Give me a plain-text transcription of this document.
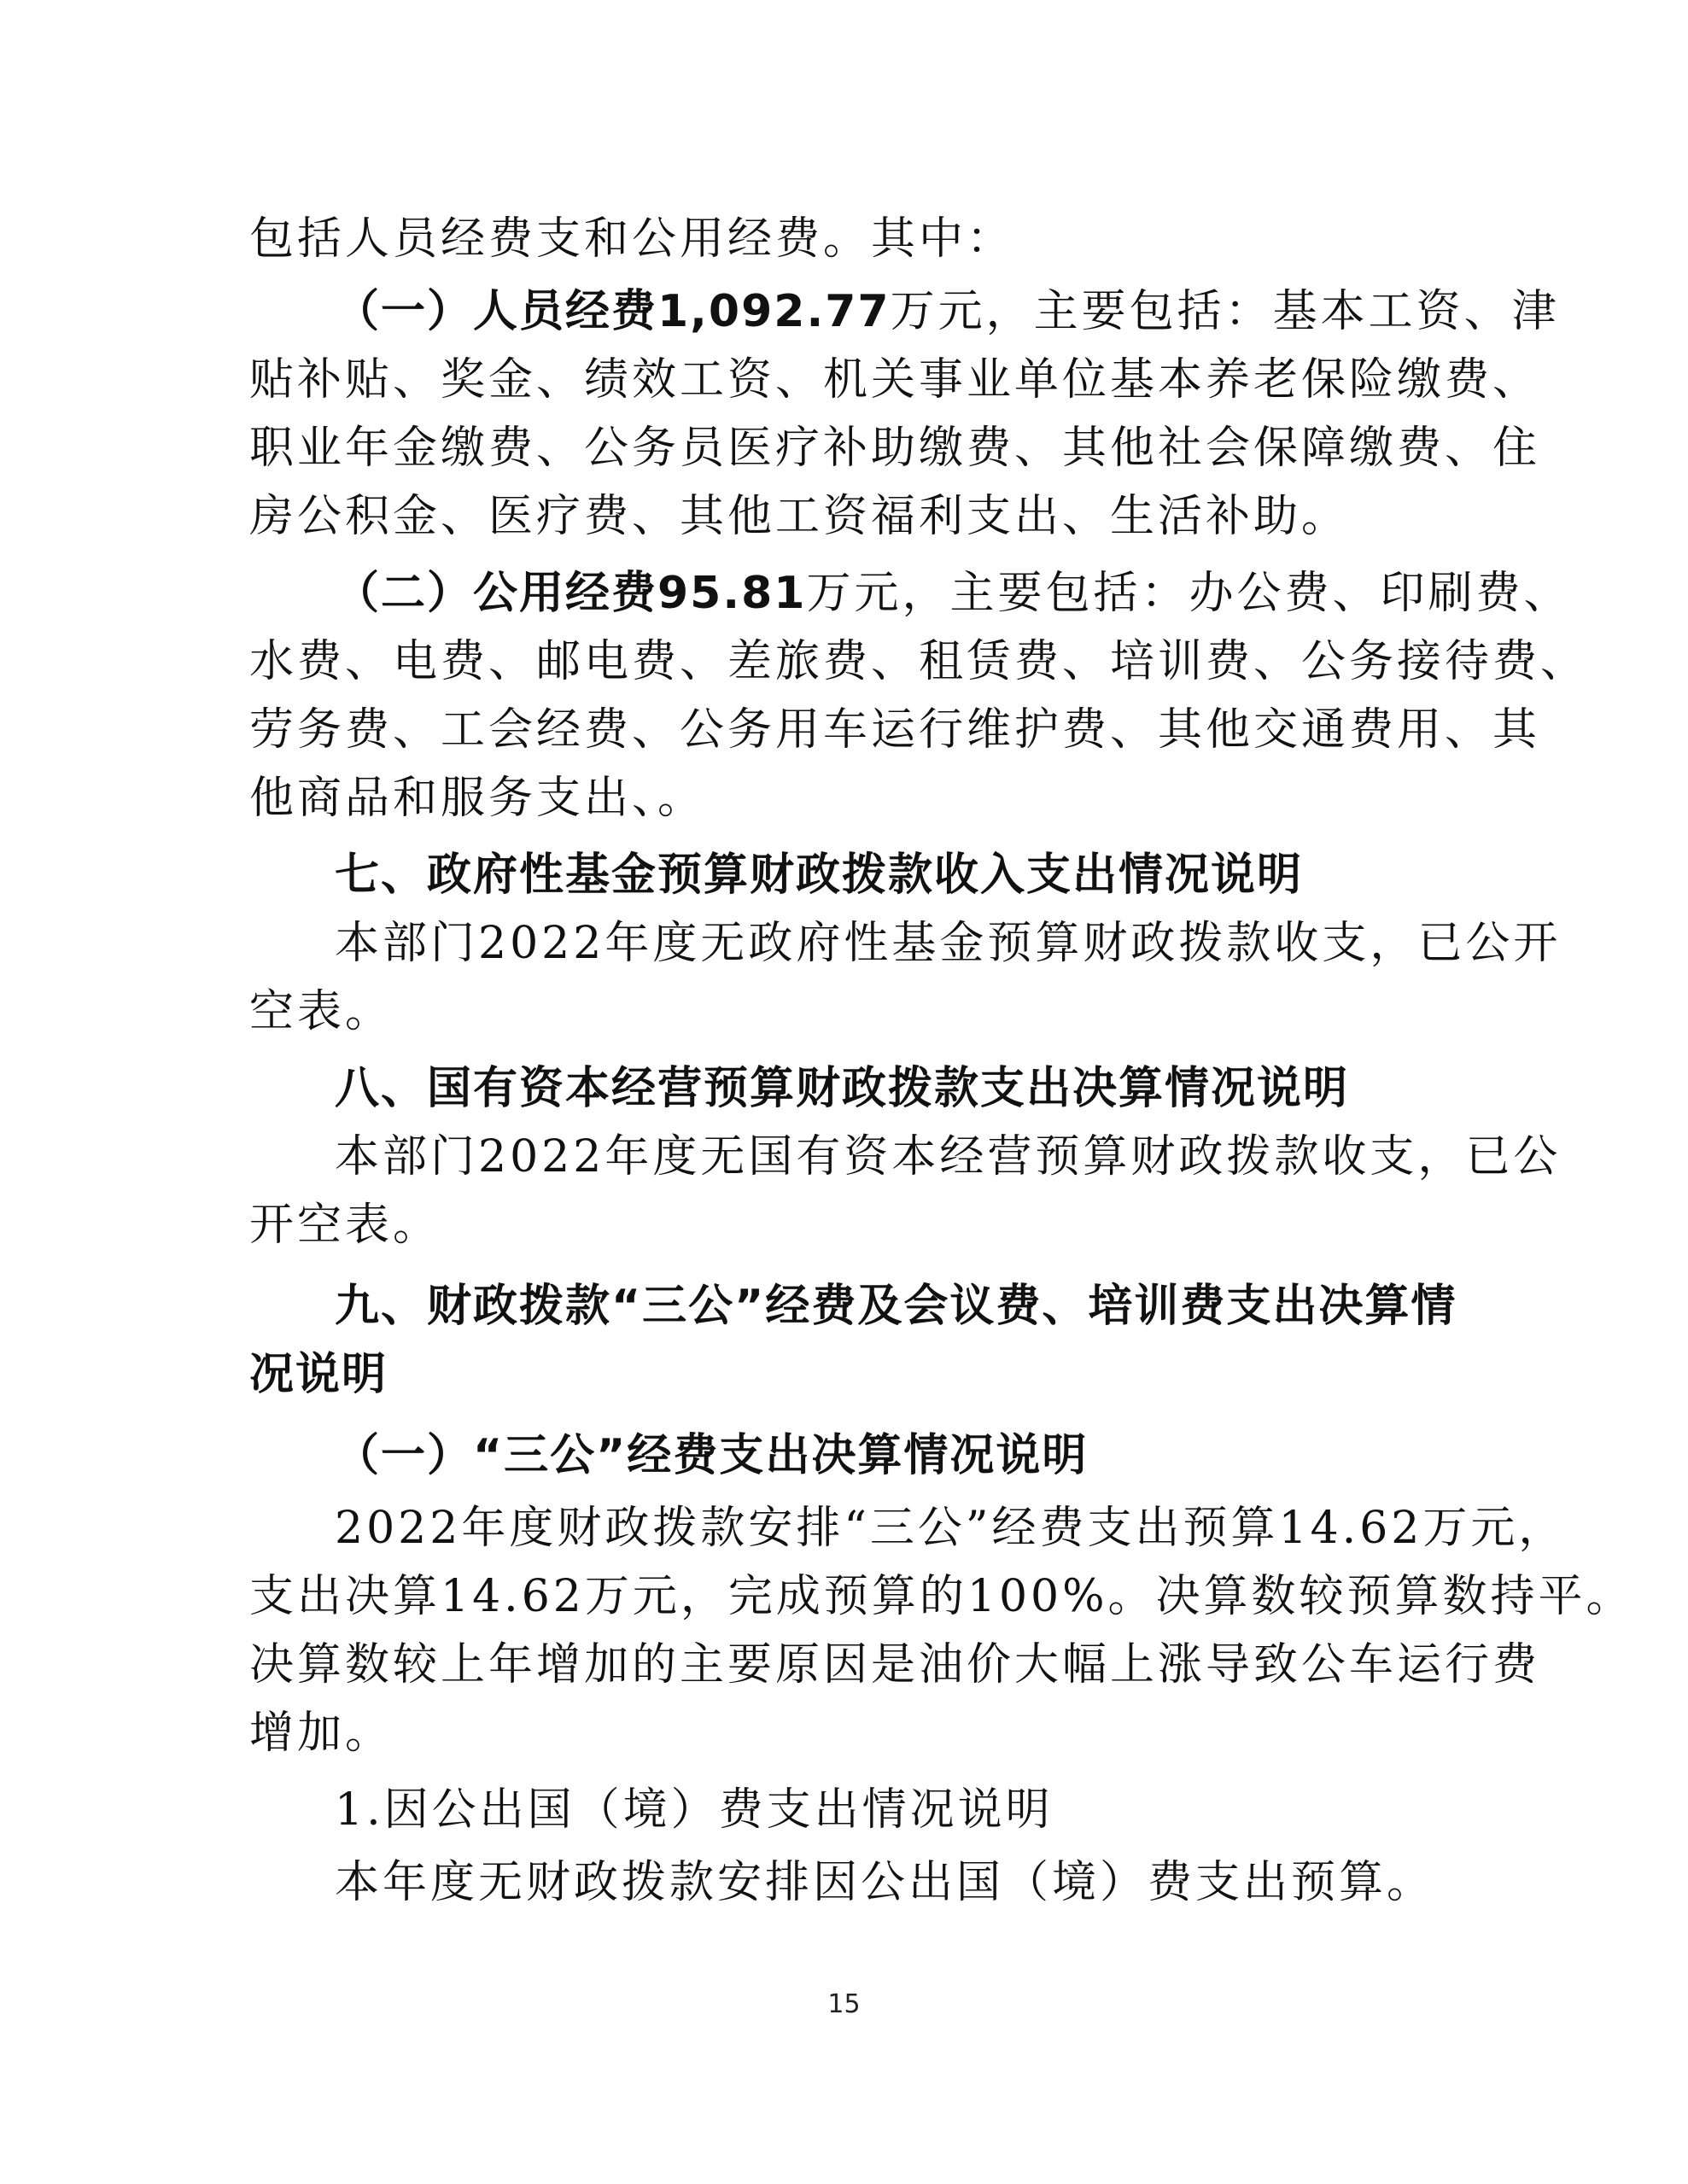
包括人员经费支和公用经费。其中：
（一）人员经费1,092.77万元，主要包括：基本工资、津
贴补贴、奖金、绩效工资、机关事业单位基本养老保险缴费、
职业年金缴费、公务员医疗补助缴费、其他社会保障缴费、住
房公积金、医疗费、其他工资福利支出、生活补助。
（二）公用经费95.81万元，主要包括：办公费、印刷费、
水费、电费、邮电费、差旅费、租赁费、培训费、公务接待费、
劳务费、工会经费、公务用车运行维护费、其他交通费用、其
他商品和服务支出、。
七、政府性基金预算财政拨款收入支出情况说明
本部门2022年度无政府性基金预算财政拨款收支，已公开
空表。
八、国有资本经营预算财政拨款支出决算情况说明
本部门2022年度无国有资本经营预算财政拨款收支，已公
开空表。
九、财政拨款“三公”经费及会议费、培训费支出决算情
况说明
（一）“三公”经费支出决算情况说明
2022年度财政拨款安排“三公”经费支出预算14.62万元，
支出决算14.62万元，完成预算的100%。决算数较预算数持平。
决算数较上年增加的主要原因是油价大幅上涨导致公车运行费
增加。
1.因公出国（境）费支出情况说明
本年度无财政拨款安排因公出国（境）费支出预算。
15
